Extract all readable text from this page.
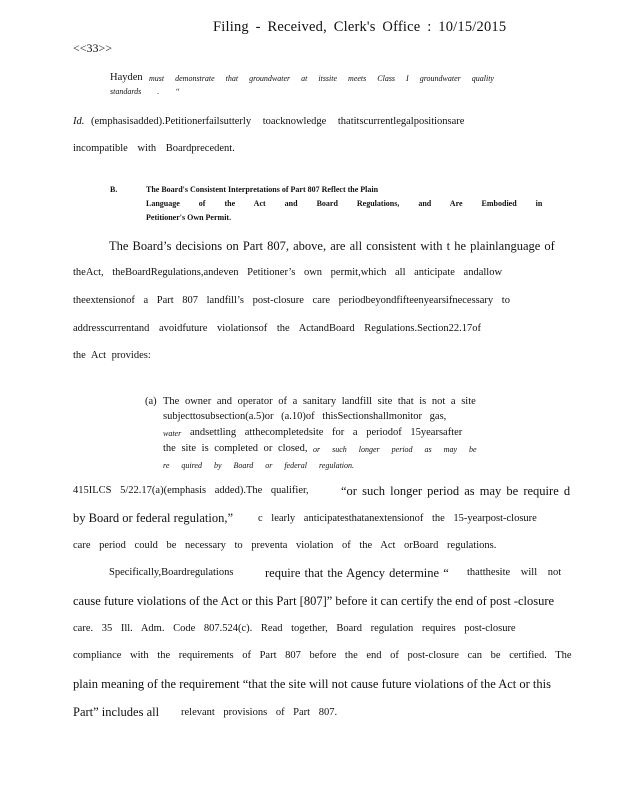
Filing - Received, Clerk's Office : 10/15/2015
<<33>>
Hayden must demonstrate that groundwater at itssite meets Class I groundwater quality
standards . “
Id. (emphasisadded).Petitionerfailsutterly toacknowledge thatitscurrentlegalpositionsare
incompatible with Boardprecedent.
B.	The Board's Consistent Interpretations of Part 807 Reflect the Plain
Language of the Act and Board Regulations, and Are Embodied in
Petitioner's Own Permit.
The Board’s decisions on Part 807, above, are all consistent with t he plainlanguage of
theAct, theBoardRegulations,andeven Petitioner’s own permit,which all anticipate andallow
theextensionof a Part 807 landfill’s post-closure care periodbeyondfifteenyearsifnecessary to
addresscurrentand avoidfuture violationsof the ActandBoard Regulations.Section22.17of
the Act provides:
(a) The owner and operator of a sanitary landfill site that is not a site
subjecttosubsection(a.5)or (a.10)of thisSectionshallmonitor gas,
water andsettling atthecompletedsite for a periodof 15yearsafter
the site is completed or closed, or such longer period as may be
re quired by Board or federal regulation.
415ILCS 5/22.17(a)(emphasis added).The qualifier,	“or such longer period as may be require d
by Board or federal regulation,” c learly anticipatesthatanextensionof the 15-yearpost-closure
care period could be necessary to preventa violation of the Act orBoard regulations.
Specifically,Boardregulations	require that the Agency determine “ thatthesite will not
cause future violations of the Act or this Part [807]” before it can certify the end of post -closure
care. 35 Ill. Adm. Code 807.524(c). Read together, Board regulation requires post-closure
compliance with the requirements of Part 807 before the end of post-closure can be certified. The
plain meaning of the requirement “that the site will not cause future violations of the Act or this
Part” includes all relevant provisions of Part 807.
